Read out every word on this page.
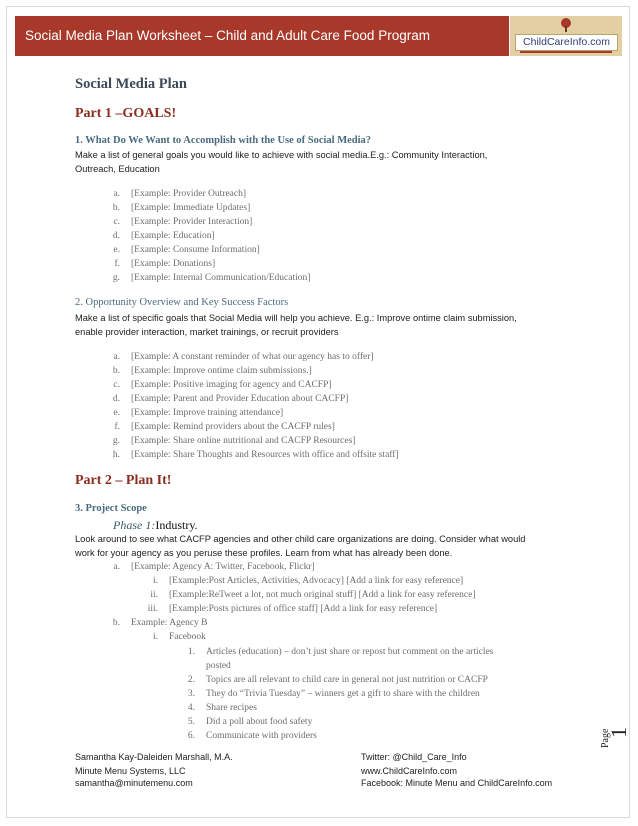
Social Media Plan Worksheet – Child and Adult Care Food Program	ChildCareInfo.com
Social Media Plan
Part 1 –GOALS!
1. What Do We Want to Accomplish with the Use of Social Media?
Make a list of general goals you would like to achieve with social media.E.g.: Community Interaction,
Outreach, Education
a. [Example: Provider Outreach]
b. [Example: Immediate Updates]
c. [Example: Provider Interaction]
d. [Example: Education]
e. [Example: Consume Information]
f. [Example: Donations]
g. [Example: Internal Communication/Education]
2. Opportunity Overview and Key Success Factors
Make a list of specific goals that Social Media will help you achieve. E.g.: Improve ontime claim submission,
enable provider interaction, market trainings, or recruit providers
a. [Example: A constant reminder of what our agency has to offer]
b. [Example: Improve ontime claim submissions.]
c. [Example: Positive imaging for agency and CACFP]
d. [Example: Parent and Provider Education about CACFP]
e. [Example: Improve training attendance]
f. [Example: Remind providers about the CACFP rules]
g. [Example: Share online nutritional and CACFP Resources]
h. [Example: Share Thoughts and Resources with office and offsite staff]
Part 2 – Plan It!
3. Project Scope
Phase 1:Industry.
Look around to see what CACFP agencies and other child care organizations are doing. Consider what would
work for your agency as you peruse these profiles. Learn from what has already been done.
a. [Example: Agency A: Twitter, Facebook, Flickr]
i. [Example:Post Articles, Activities, Advocacy] [Add a link for easy reference]
ii. [Example:ReTweet a lot, not much original stuff] [Add a link for easy reference]
iii. [Example:Posts pictures of office staff] [Add a link for easy reference]
b. Example: Agency B
i. Facebook
1. Articles (education) – don’t just share or repost but comment on the articles
posted
2. Topics are all relevant to child care in general not just nutrition or CACFP
3. They do “Trivia Tuesday” – winners get a gift to share with the children
4. Share recipes
5. Did a poll about food safety
6. Communicate with providers	Page
1
Samantha Kay-Daleiden Marshall, M.A.
Minute Menu Systems, LLC
samantha@minutemenu.com
Twitter: @Child_Care_Info
www.ChildCareInfo.com
Facebook: Minute Menu and ChildCareInfo.com
